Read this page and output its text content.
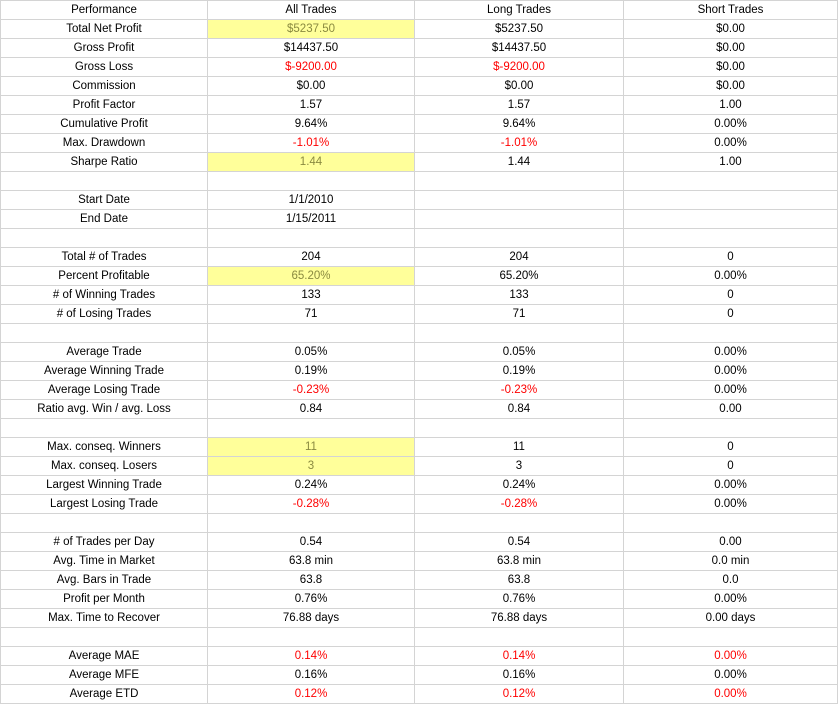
Performance	All Trades	Long Trades	Short Trades
Total Net Profit	$5237.50	$5237.50	$0.00
Gross Profit	$14437.50	$14437.50	$0.00
Gross Loss	$-9200.00	$-9200.00	$0.00
Commission	$0.00	$0.00	$0.00
Profit Factor	1.57	1.57	1.00
Cumulative Profit	9.64%	9.64%	0.00%
Max. Drawdown	-1.01%	-1.01%	0.00%
Sharpe Ratio	1.44	1.44	1.00

Start Date	1/1/2010		
End Date	1/15/2011		

Total # of Trades	204	204	0
Percent Profitable	65.20%	65.20%	0.00%
# of Winning Trades	133	133	0
# of Losing Trades	71	71	0

Average Trade	0.05%	0.05%	0.00%
Average Winning Trade	0.19%	0.19%	0.00%
Average Losing Trade	-0.23%	-0.23%	0.00%
Ratio avg. Win / avg. Loss	0.84	0.84	0.00

Max. conseq. Winners	11	11	0
Max. conseq. Losers	3	3	0
Largest Winning Trade	0.24%	0.24%	0.00%
Largest Losing Trade	-0.28%	-0.28%	0.00%

# of Trades per Day	0.54	0.54	0.00
Avg. Time in Market	63.8 min	63.8 min	0.0 min
Avg. Bars in Trade	63.8	63.8	0.0
Profit per Month	0.76%	0.76%	0.00%
Max. Time to Recover	76.88 days	76.88 days	0.00 days

Average MAE	0.14%	0.14%	0.00%
Average MFE	0.16%	0.16%	0.00%
Average ETD	0.12%	0.12%	0.00%
